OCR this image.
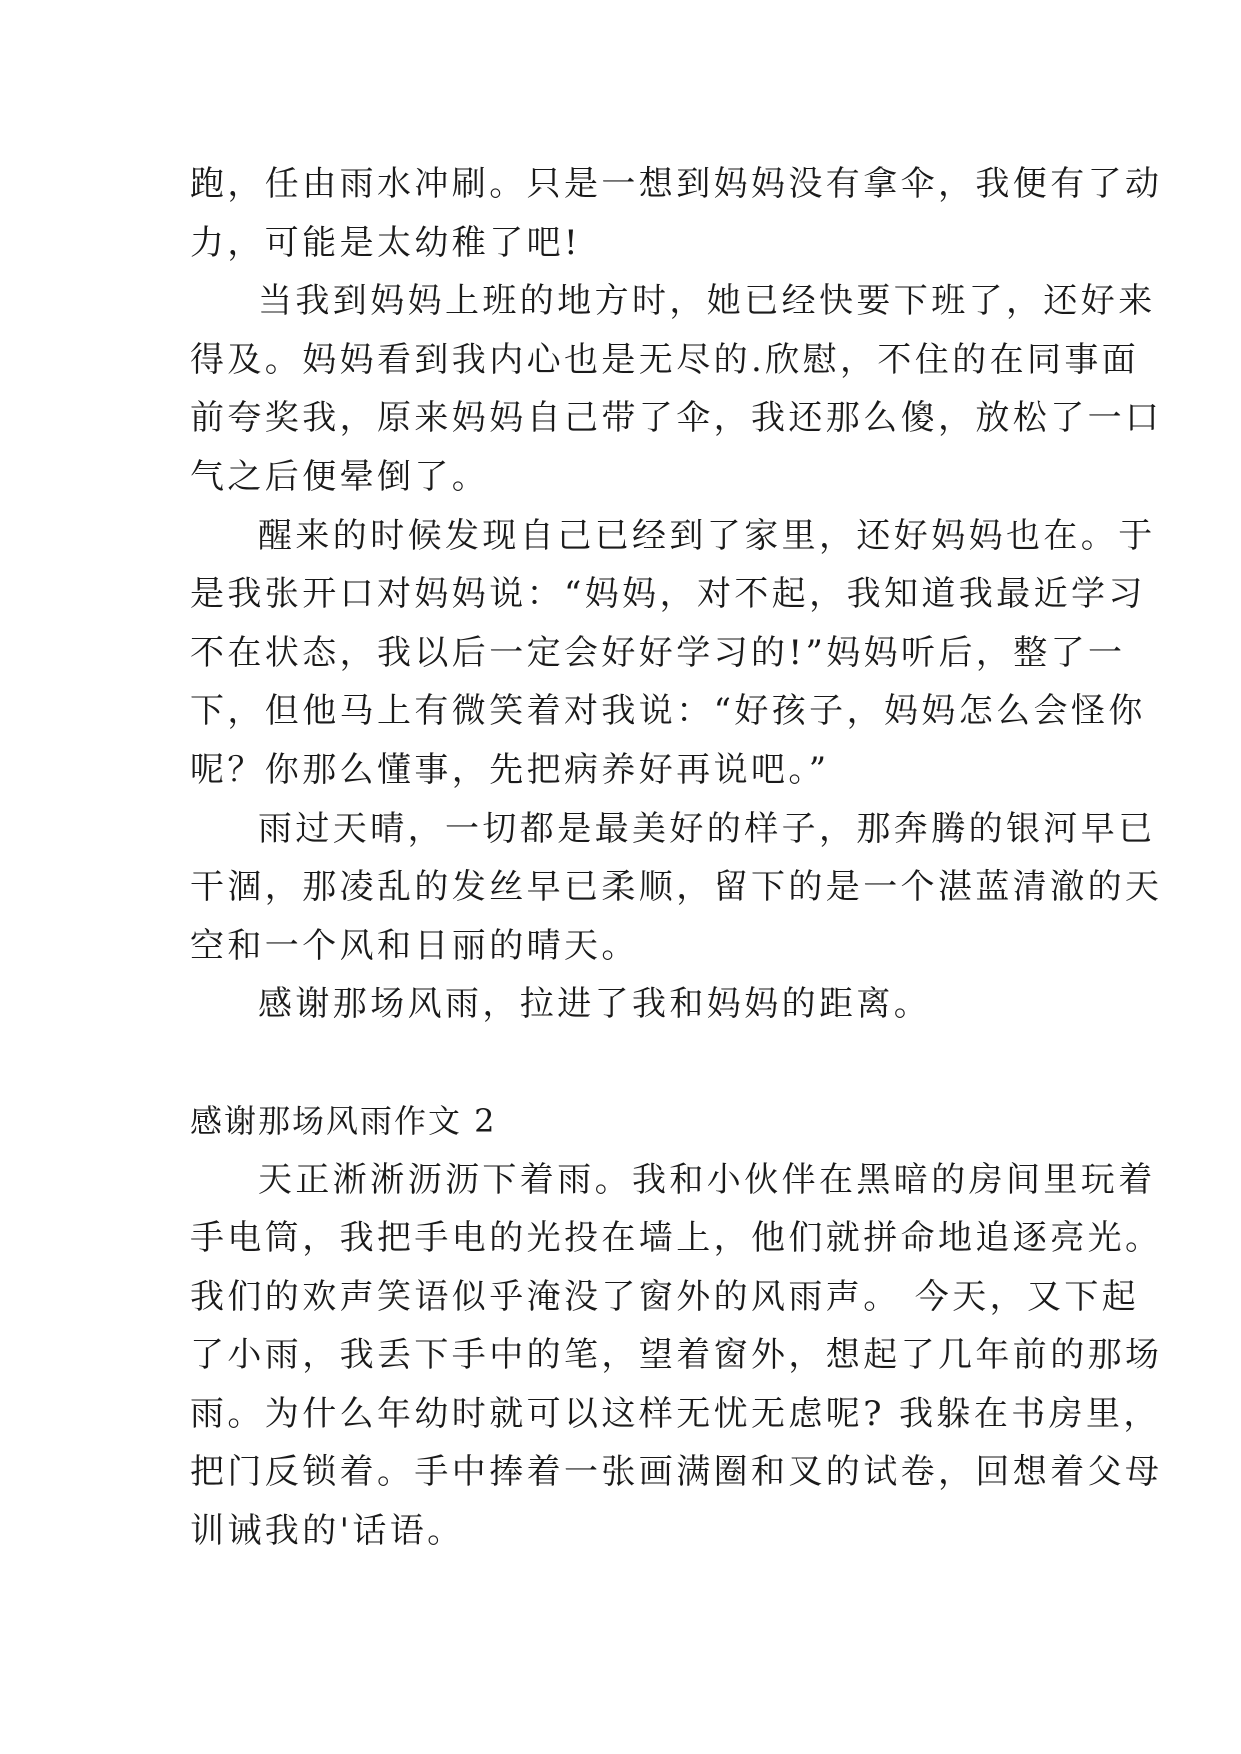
跑，任由雨水冲刷。只是一想到妈妈没有拿伞，我便有了动
力，可能是太幼稚了吧!
当我到妈妈上班的地方时，她已经快要下班了，还好来
得及。妈妈看到我内心也是无尽的.欣慰，不住的在同事面
前夸奖我，原来妈妈自己带了伞，我还那么傻，放松了一口
气之后便晕倒了。
醒来的时候发现自己已经到了家里，还好妈妈也在。于
是我张开口对妈妈说：“妈妈，对不起，我知道我最近学习
不在状态，我以后一定会好好学习的!”妈妈听后，整了一
下，但他马上有微笑着对我说：“好孩子，妈妈怎么会怪你
呢？你那么懂事，先把病养好再说吧。”
雨过天晴，一切都是最美好的样子，那奔腾的银河早已
干涸，那凌乱的发丝早已柔顺，留下的是一个湛蓝清澈的天
空和一个风和日丽的晴天。
感谢那场风雨，拉进了我和妈妈的距离。
感谢那场风雨作文 2
天正淅淅沥沥下着雨。我和小伙伴在黑暗的房间里玩着
手电筒，我把手电的光投在墙上，他们就拼命地追逐亮光。
我们的欢声笑语似乎淹没了窗外的风雨声。 今天，又下起
了小雨，我丢下手中的笔，望着窗外，想起了几年前的那场
雨。为什么年幼时就可以这样无忧无虑呢? 我躲在书房里，
把门反锁着。手中捧着一张画满圈和叉的试卷，回想着父母
训诫我的'话语。
